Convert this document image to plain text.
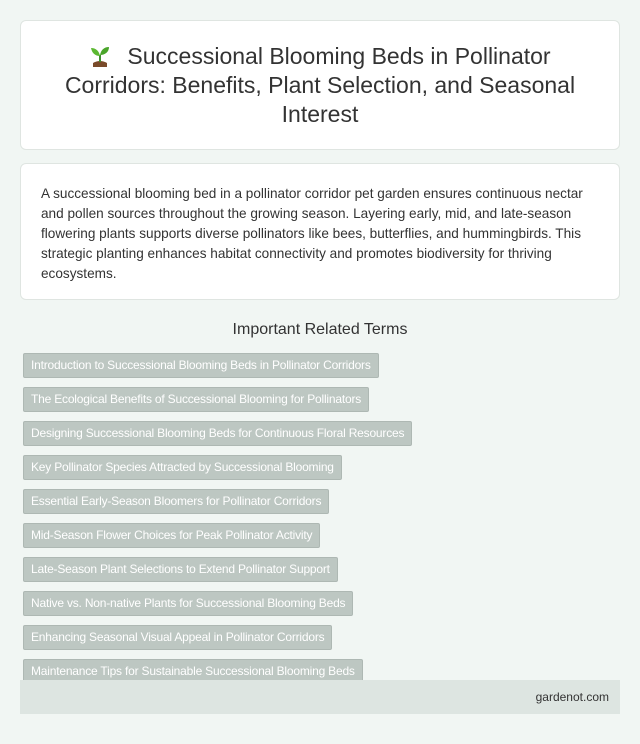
Successional Blooming Beds in Pollinator Corridors: Benefits, Plant Selection, and Seasonal Interest

A successional blooming bed in a pollinator corridor pet garden ensures continuous nectar and pollen sources throughout the growing season. Layering early, mid, and late-season flowering plants supports diverse pollinators like bees, butterflies, and hummingbirds. This strategic planting enhances habitat connectivity and promotes biodiversity for thriving ecosystems.

Important Related Terms
Introduction to Successional Blooming Beds in Pollinator Corridors
The Ecological Benefits of Successional Blooming for Pollinators
Designing Successional Blooming Beds for Continuous Floral Resources
Key Pollinator Species Attracted by Successional Blooming
Essential Early-Season Bloomers for Pollinator Corridors
Mid-Season Flower Choices for Peak Pollinator Activity
Late-Season Plant Selections to Extend Pollinator Support
Native vs. Non-native Plants for Successional Blooming Beds
Enhancing Seasonal Visual Appeal in Pollinator Corridors
Maintenance Tips for Sustainable Successional Blooming Beds
gardenot.com
